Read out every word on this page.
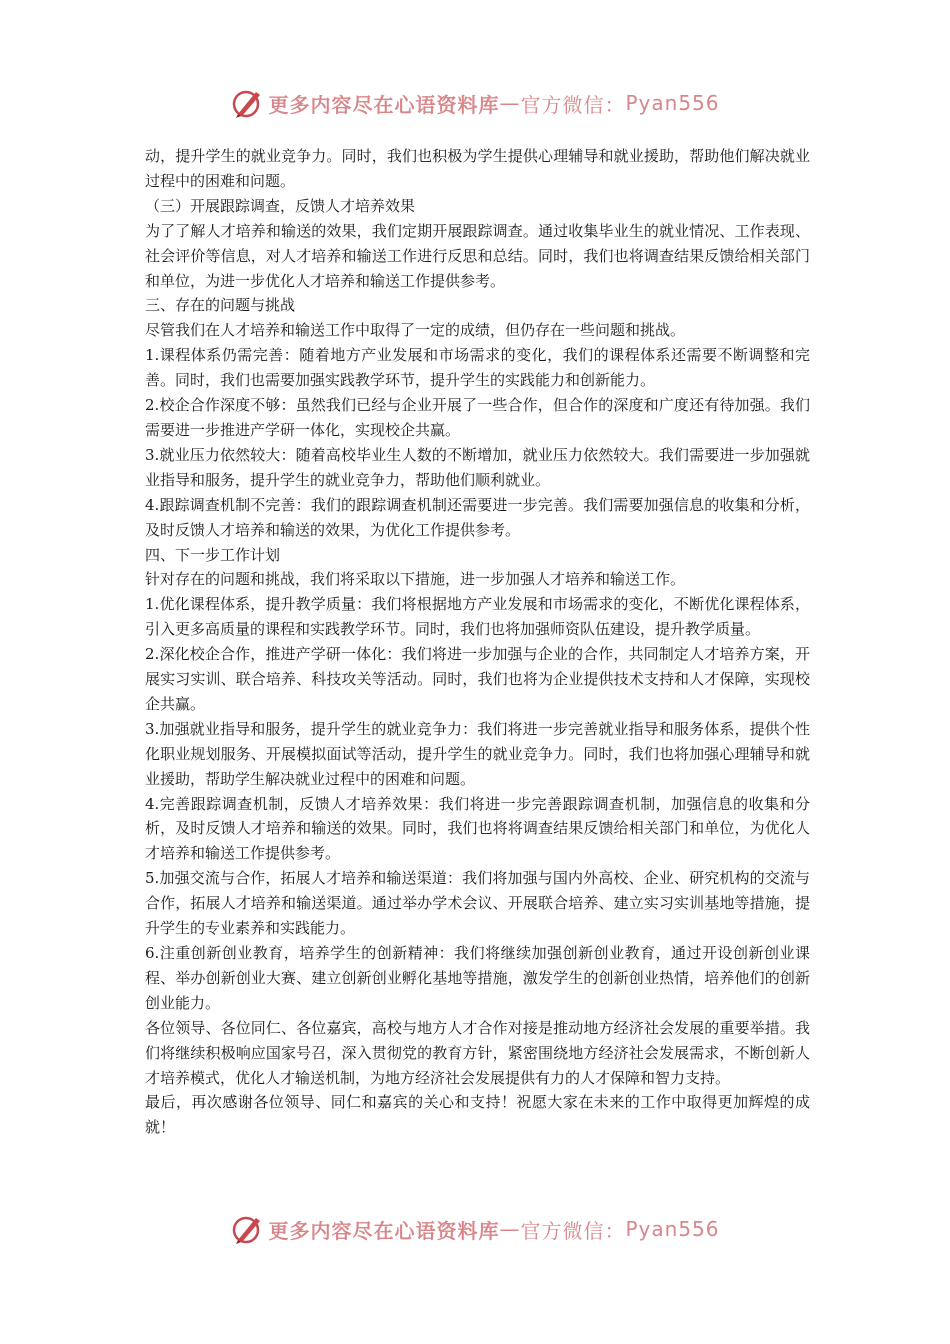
更多内容尽在心语资料库 — 官方微信： Pyan556

动，提升学生的就业竞争力。同时，我们也积极为学生提供心理辅导和就业援助，帮助他们解决就业过程中的困难和问题。

（三）开展跟踪调查，反馈人才培养效果

为了了解人才培养和输送的效果，我们定期开展跟踪调查。通过收集毕业生的就业情况、工作表现、社会评价等信息，对人才培养和输送工作进行反思和总结。同时，我们也将调查结果反馈给相关部门和单位，为进一步优化人才培养和输送工作提供参考。

三、存在的问题与挑战

尽管我们在人才培养和输送工作中取得了一定的成绩，但仍存在一些问题和挑战。

1.课程体系仍需完善：随着地方产业发展和市场需求的变化，我们的课程体系还需要不断调整和完善。同时，我们也需要加强实践教学环节，提升学生的实践能力和创新能力。

2.校企合作深度不够：虽然我们已经与企业开展了一些合作，但合作的深度和广度还有待加强。我们需要进一步推进产学研一体化，实现校企共赢。

3.就业压力依然较大：随着高校毕业生人数的不断增加，就业压力依然较大。我们需要进一步加强就业指导和服务，提升学生的就业竞争力，帮助他们顺利就业。

4.跟踪调查机制不完善：我们的跟踪调查机制还需要进一步完善。我们需要加强信息的收集和分析，及时反馈人才培养和输送的效果，为优化工作提供参考。

四、下一步工作计划

针对存在的问题和挑战，我们将采取以下措施，进一步加强人才培养和输送工作。

1.优化课程体系，提升教学质量：我们将根据地方产业发展和市场需求的变化，不断优化课程体系，引入更多高质量的课程和实践教学环节。同时，我们也将加强师资队伍建设，提升教学质量。

2.深化校企合作，推进产学研一体化：我们将进一步加强与企业的合作，共同制定人才培养方案，开展实习实训、联合培养、科技攻关等活动。同时，我们也将为企业提供技术支持和人才保障，实现校企共赢。

3.加强就业指导和服务，提升学生的就业竞争力：我们将进一步完善就业指导和服务体系，提供个性化职业规划服务、开展模拟面试等活动，提升学生的就业竞争力。同时，我们也将加强心理辅导和就业援助，帮助学生解决就业过程中的困难和问题。

4.完善跟踪调查机制，反馈人才培养效果：我们将进一步完善跟踪调查机制，加强信息的收集和分析，及时反馈人才培养和输送的效果。同时，我们也将将调查结果反馈给相关部门和单位，为优化人才培养和输送工作提供参考。

5.加强交流与合作，拓展人才培养和输送渠道：我们将加强与国内外高校、企业、研究机构的交流与合作，拓展人才培养和输送渠道。通过举办学术会议、开展联合培养、建立实习实训基地等措施，提升学生的专业素养和实践能力。

6.注重创新创业教育，培养学生的创新精神：我们将继续加强创新创业教育，通过开设创新创业课程、举办创新创业大赛、建立创新创业孵化基地等措施，激发学生的创新创业热情，培养他们的创新创业能力。

各位领导、各位同仁、各位嘉宾，高校与地方人才合作对接是推动地方经济社会发展的重要举措。我们将继续积极响应国家号召，深入贯彻党的教育方针，紧密围绕地方经济社会发展需求，不断创新人才培养模式，优化人才输送机制，为地方经济社会发展提供有力的人才保障和智力支持。

最后，再次感谢各位领导、同仁和嘉宾的关心和支持！祝愿大家在未来的工作中取得更加辉煌的成就！

更多内容尽在心语资料库 — 官方微信： Pyan556
